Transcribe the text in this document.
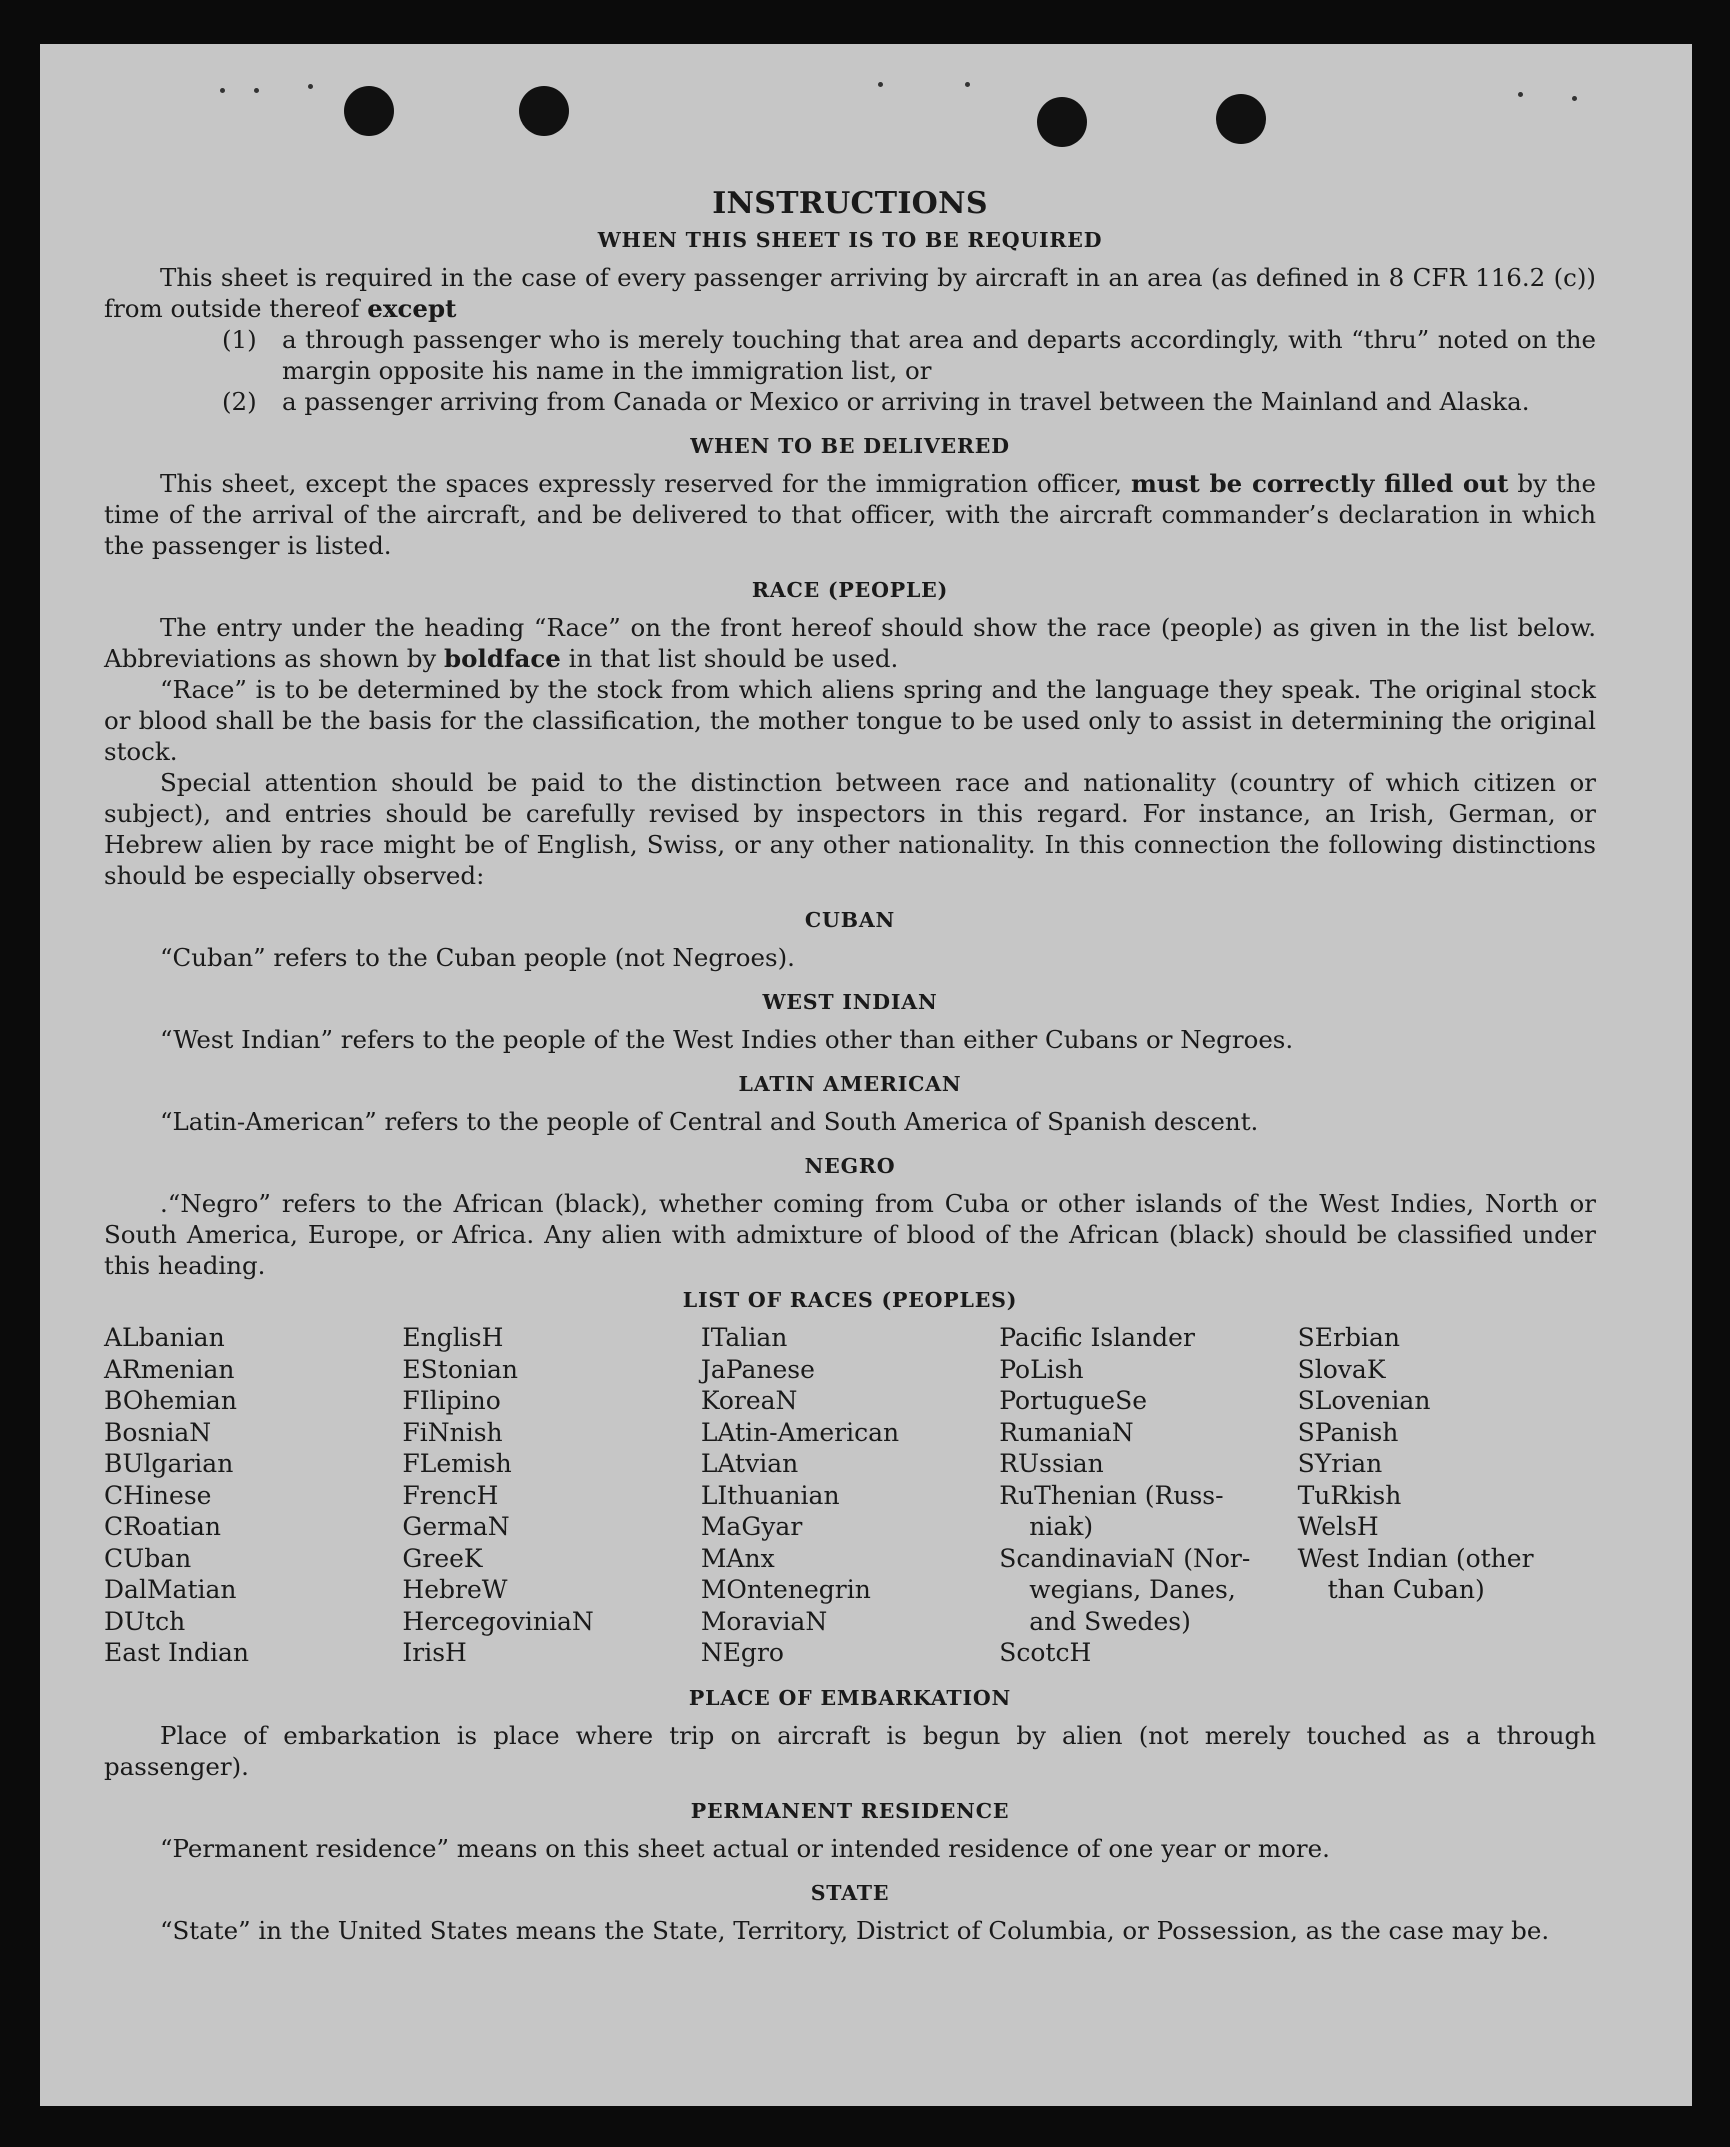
INSTRUCTIONS
WHEN THIS SHEET IS TO BE REQUIRED

This sheet is required in the case of every passenger arriving by aircraft in an area (as defined in 8 CFR 116.2 (c)) from outside thereof except

(1)	a through passenger who is merely touching that area and departs accordingly, with “thru” noted on the margin opposite his name in the immigration list, or
(2)	a passenger arriving from Canada or Mexico or arriving in travel between the Mainland and Alaska.
WHEN TO BE DELIVERED

This sheet, except the spaces expressly reserved for the immigration officer, must be correctly filled out by the time of the arrival of the aircraft, and be delivered to that officer, with the aircraft commander’s declaration in which the passenger is listed.

RACE (PEOPLE)

The entry under the heading “Race” on the front hereof should show the race (people) as given in the list below. Abbreviations as shown by boldface in that list should be used.

“Race” is to be determined by the stock from which aliens spring and the language they speak. The original stock or blood shall be the basis for the classification, the mother tongue to be used only to assist in determining the original stock.

Special attention should be paid to the distinction between race and nationality (country of which citizen or subject), and entries should be carefully revised by inspectors in this regard. For instance, an Irish, German, or Hebrew alien by race might be of English, Swiss, or any other nationality. In this connection the following distinctions should be especially observed:

CUBAN

“Cuban” refers to the Cuban people (not Negroes).

WEST INDIAN

“West Indian” refers to the people of the West Indies other than either Cubans or Negroes.

LATIN AMERICAN

“Latin-American” refers to the people of Central and South America of Spanish descent.

NEGRO

.“Negro” refers to the African (black), whether coming from Cuba or other islands of the West Indies, North or South America, Europe, or Africa. Any alien with admixture of blood of the African (black) should be classified under this heading.

LIST OF RACES (PEOPLES)
ALbanian
ARmenian
BOhemian
BosniaN
BUlgarian
CHinese
CRoatian
CUban
DalMatian
DUtch
East Indian
EnglisH
EStonian
FIlipino
FiNnish
FLemish
FrencH
GermaN
GreeK
HebreW
HercegoviniaN
IrisH
ITalian
JaPanese
KoreaN
LAtin-American
LAtvian
LIthuanian
MaGyar
MAnx
MOntenegrin
MoraviaN
NEgro
Pacific Islander
PoLish
PortugueSe
RumaniaN
RUssian
RuThenian (Russ-
niak)
ScandinaviaN (Nor-
wegians, Danes,
and Swedes)
ScotcH
SErbian
SlovaK
SLovenian
SPanish
SYrian
TuRkish
WelsH
West Indian (other
than Cuban)
PLACE OF EMBARKATION

Place of embarkation is place where trip on aircraft is begun by alien (not merely touched as a through passenger).

PERMANENT RESIDENCE

“Permanent residence” means on this sheet actual or intended residence of one year or more.

STATE

“State” in the United States means the State, Territory, District of Columbia, or Possession, as the case may be.
